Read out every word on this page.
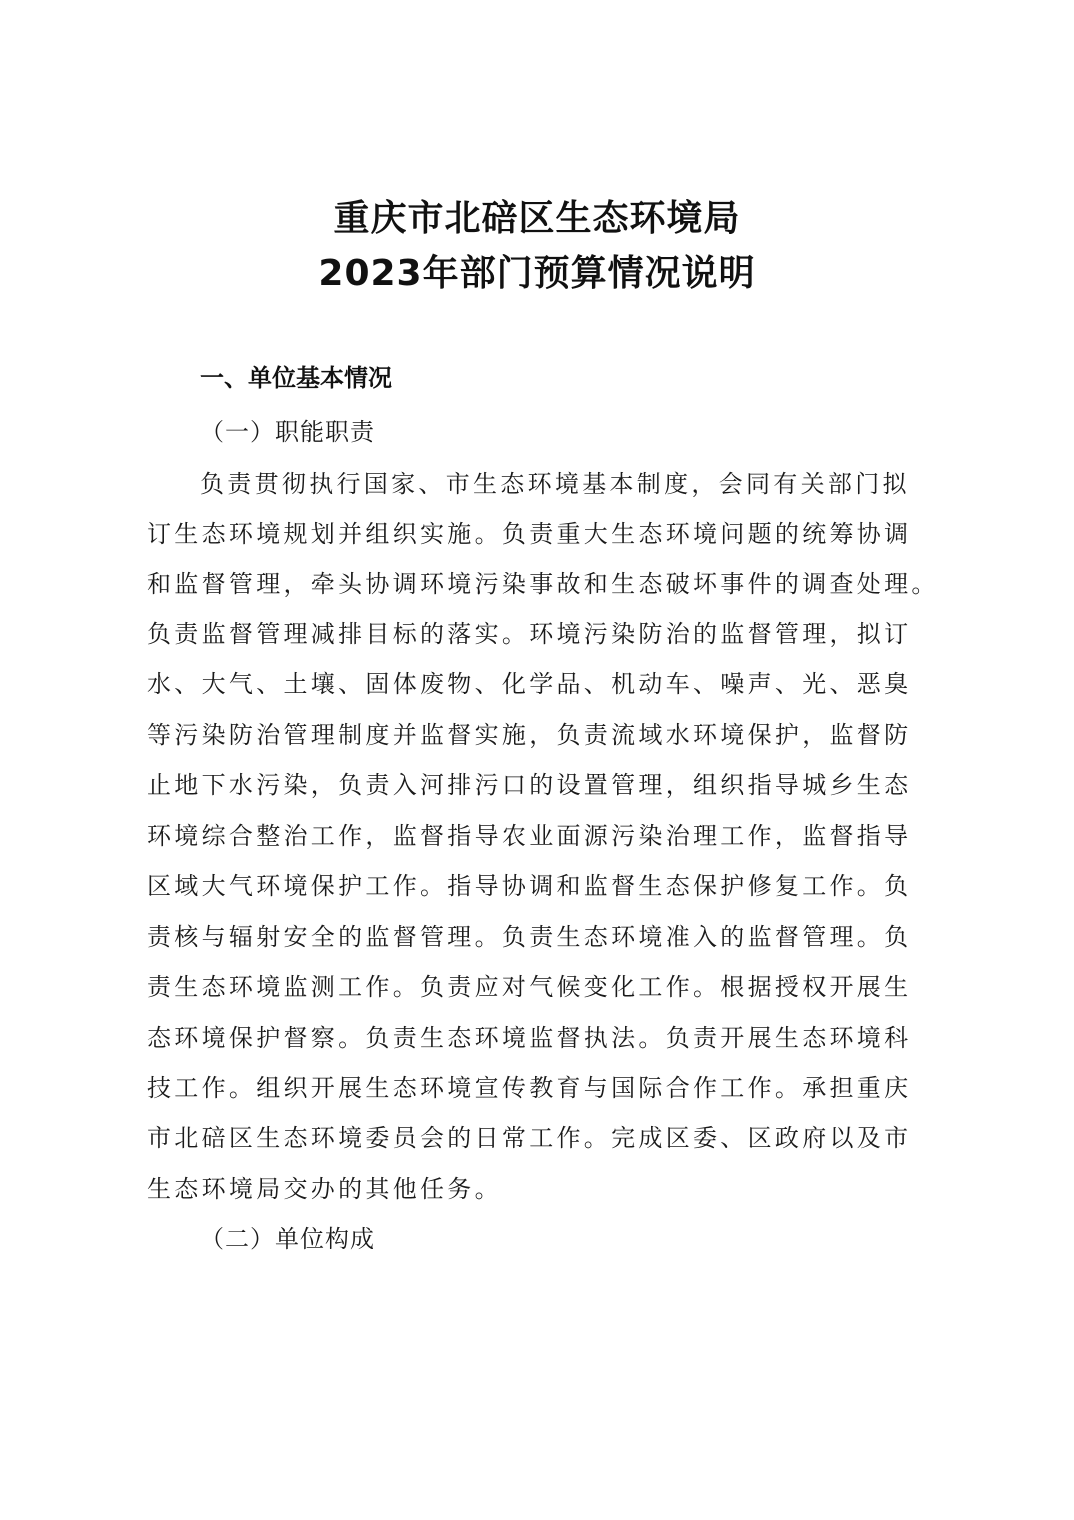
重庆市北碚区生态环境局
2023年部门预算情况说明
一、单位基本情况
（一）职能职责
负责贯彻执行国家、市生态环境基本制度，会同有关部门拟
订生态环境规划并组织实施。负责重大生态环境问题的统筹协调
和监督管理，牵头协调环境污染事故和生态破坏事件的调查处理。
负责监督管理减排目标的落实。环境污染防治的监督管理，拟订
水、大气、土壤、固体废物、化学品、机动车、噪声、光、恶臭
等污染防治管理制度并监督实施，负责流域水环境保护，监督防
止地下水污染，负责入河排污口的设置管理，组织指导城乡生态
环境综合整治工作，监督指导农业面源污染治理工作，监督指导
区域大气环境保护工作。指导协调和监督生态保护修复工作。负
责核与辐射安全的监督管理。负责生态环境准入的监督管理。负
责生态环境监测工作。负责应对气候变化工作。根据授权开展生
态环境保护督察。负责生态环境监督执法。负责开展生态环境科
技工作。组织开展生态环境宣传教育与国际合作工作。承担重庆
市北碚区生态环境委员会的日常工作。完成区委、区政府以及市
生态环境局交办的其他任务。
（二）单位构成
